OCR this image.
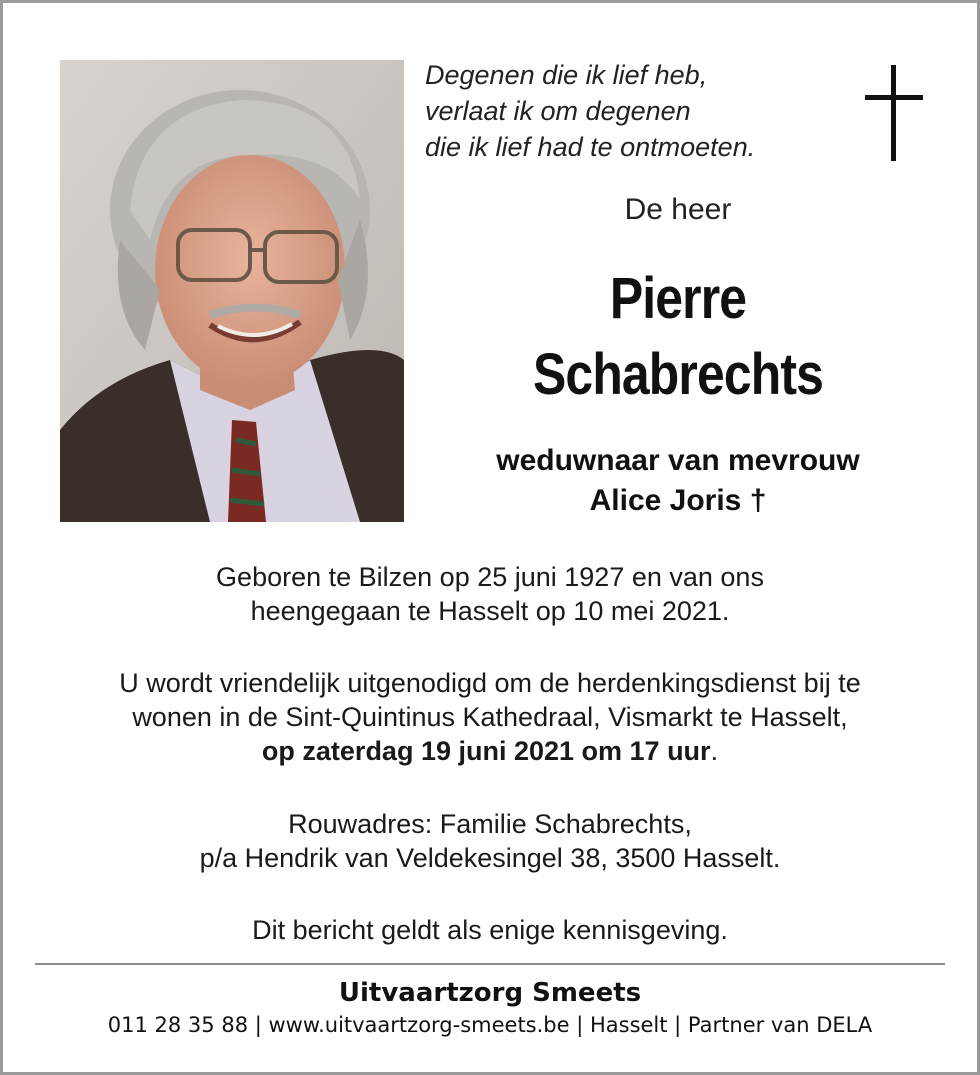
Degenen die ik lief heb,
verlaat ik om degenen
die ik lief had te ontmoeten.
De heer
Pierre
Schabrechts
weduwnaar van mevrouw
Alice Joris †
Geboren te Bilzen op 25 juni 1927 en van ons
heengegaan te Hasselt op 10 mei 2021.
U wordt vriendelijk uitgenodigd om de herdenkingsdienst bij te
wonen in de Sint-Quintinus Kathedraal, Vismarkt te Hasselt,
op zaterdag 19 juni 2021 om 17 uur.
Rouwadres: Familie Schabrechts,
p/a Hendrik van Veldekesingel 38, 3500 Hasselt.
Dit bericht geldt als enige kennisgeving.
Uitvaartzorg Smeets
011 28 35 88 | www.uitvaartzorg-smeets.be | Hasselt | Partner van DELA
